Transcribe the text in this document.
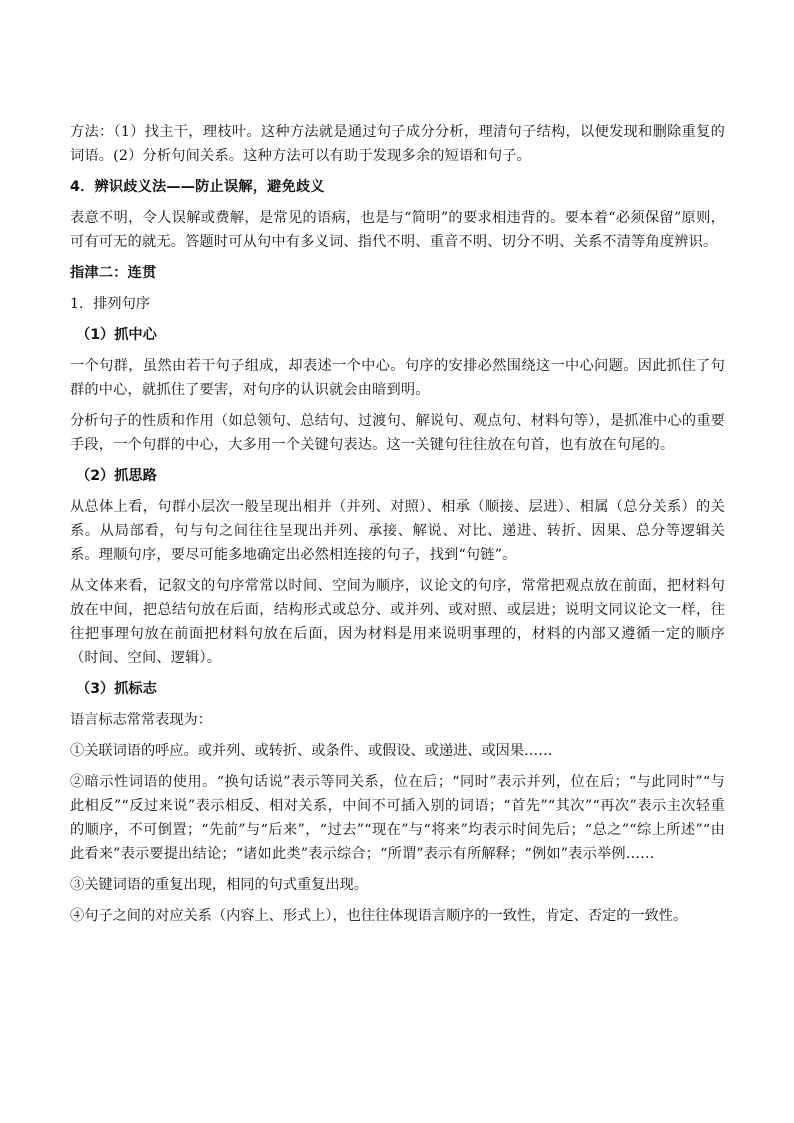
方法：（1）找主干，理枝叶。这种方法就是通过句子成分分析，理清句子结构，以便发现和删除重复的词语。(2）分析句间关系。这种方法可以有助于发现多余的短语和句子。

4．辨识歧义法——防止误解，避免歧义

表意不明，令人误解或费解，是常见的语病，也是与“简明”的要求相违背的。要本着“必须保留”原则，可有可无的就无。答题时可从句中有多义词、指代不明、重音不明、切分不明、关系不清等角度辨识。

指津二：连贯

1．排列句序

（1）抓中心

一个句群，虽然由若干句子组成，却表述一个中心。句序的安排必然围绕这一中心问题。因此抓住了句群的中心，就抓住了要害，对句序的认识就会由暗到明。

分析句子的性质和作用（如总领句、总结句、过渡句、解说句、观点句、材料句等），是抓准中心的重要手段，一个句群的中心，大多用一个关键句表达。这一关键句往往放在句首，也有放在句尾的。

（2）抓思路

从总体上看，句群小层次一般呈现出相并（并列、对照）、相承（顺接、层进）、相属（总分关系）的关系。从局部看，句与句之间往往呈现出并列、承接、解说、对比、递进、转折、因果、总分等逻辑关系。理顺句序，要尽可能多地确定出必然相连接的句子，找到“句链”。

从文体来看，记叙文的句序常常以时间、空间为顺序，议论文的句序，常常把观点放在前面，把材料句放在中间，把总结句放在后面，结构形式或总分、或并列、或对照、或层进；说明文同议论文一样，往往把事理句放在前面把材料句放在后面，因为材料是用来说明事理的，材料的内部又遵循一定的顺序（时间、空间、逻辑）。

（3）抓标志

语言标志常常表现为：

①关联词语的呼应。或并列、或转折、或条件、或假设、或递进、或因果……

②暗示性词语的使用。“换句话说”表示等同关系，位在后；“同时”表示并列，位在后；“与此同时”“与此相反”“反过来说”表示相反、相对关系，中间不可插入别的词语；“首先”“其次”“再次”表示主次轻重的顺序，不可倒置；“先前”与“后来”，“过去”“现在”与“将来”均表示时间先后；“总之”“综上所述”“由此看来”表示要提出结论；“诸如此类”表示综合；“所谓”表示有所解释；“例如”表示举例……

③关键词语的重复出现，相同的句式重复出现。

④句子之间的对应关系（内容上、形式上），也往往体现语言顺序的一致性，肯定、否定的一致性。
